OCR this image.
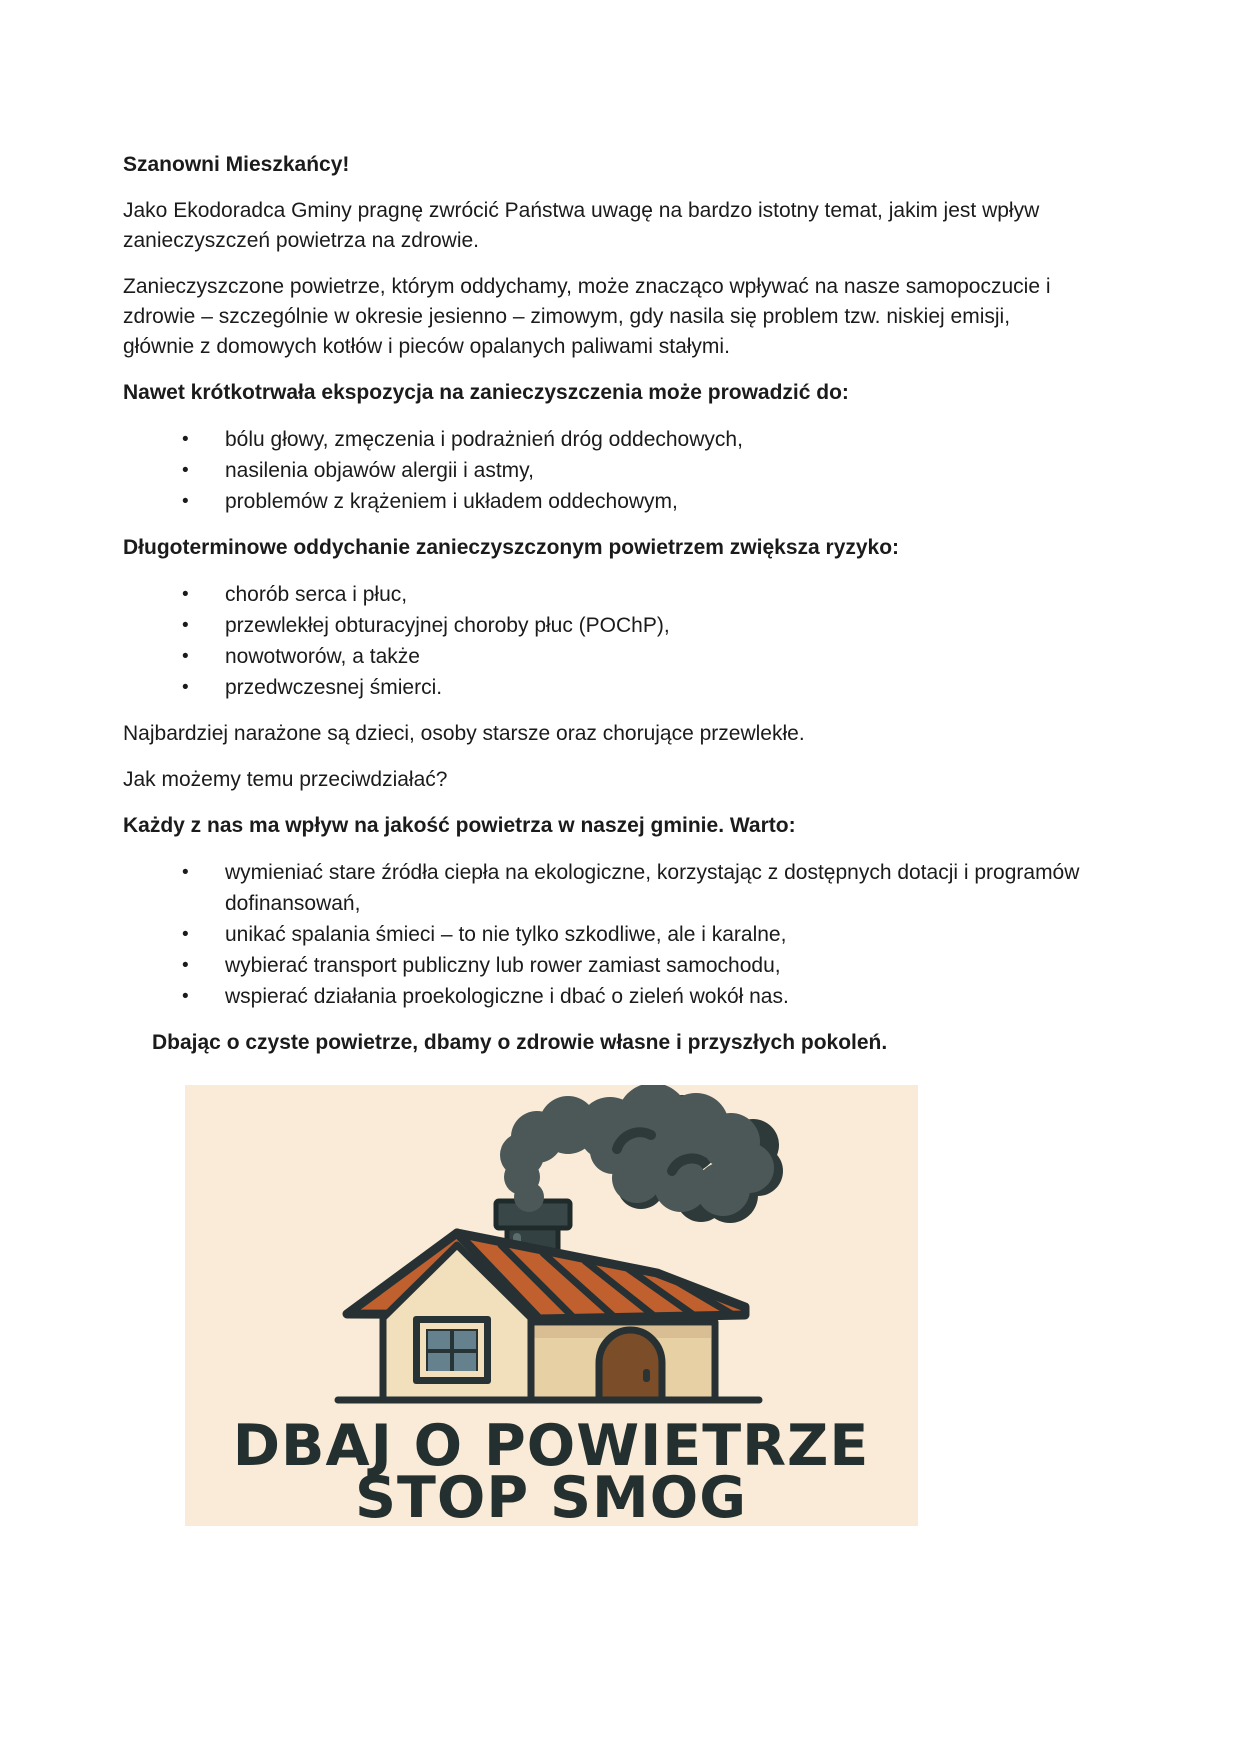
Szanowni Mieszkańcy!

Jako Ekodoradca Gminy pragnę zwrócić Państwa uwagę na bardzo istotny temat, jakim jest wpływ
zanieczyszczeń powietrza na zdrowie.

Zanieczyszczone powietrze, którym oddychamy, może znacząco wpływać na nasze samopoczucie i
zdrowie – szczególnie w okresie jesienno – zimowym, gdy nasila się problem tzw. niskiej emisji,
głównie z domowych kotłów i pieców opalanych paliwami stałymi.

Nawet krótkotrwała ekspozycja na zanieczyszczenia może prowadzić do:

•	bólu głowy, zmęczenia i podrażnień dróg oddechowych,
•	nasilenia objawów alergii i astmy,
•	problemów z krążeniem i układem oddechowym,

Długoterminowe oddychanie zanieczyszczonym powietrzem zwiększa ryzyko:

•	chorób serca i płuc,
•	przewlekłej obturacyjnej choroby płuc (POChP),
•	nowotworów, a także
•	przedwczesnej śmierci.

Najbardziej narażone są dzieci, osoby starsze oraz chorujące przewlekłe.

Jak możemy temu przeciwdziałać?

Każdy z nas ma wpływ na jakość powietrza w naszej gminie. Warto:

•	wymieniać stare źródła ciepła na ekologiczne, korzystając z dostępnych dotacji i programów dofinansowań,
•	unikać spalania śmieci – to nie tylko szkodliwe, ale i karalne,
•	wybierać transport publiczny lub rower zamiast samochodu,
•	wspierać działania proekologiczne i dbać o zieleń wokół nas.

Dbając o czyste powietrze, dbamy o zdrowie własne i przyszłych pokoleń.

DBAJ O POWIETRZE
STOP SMOG
